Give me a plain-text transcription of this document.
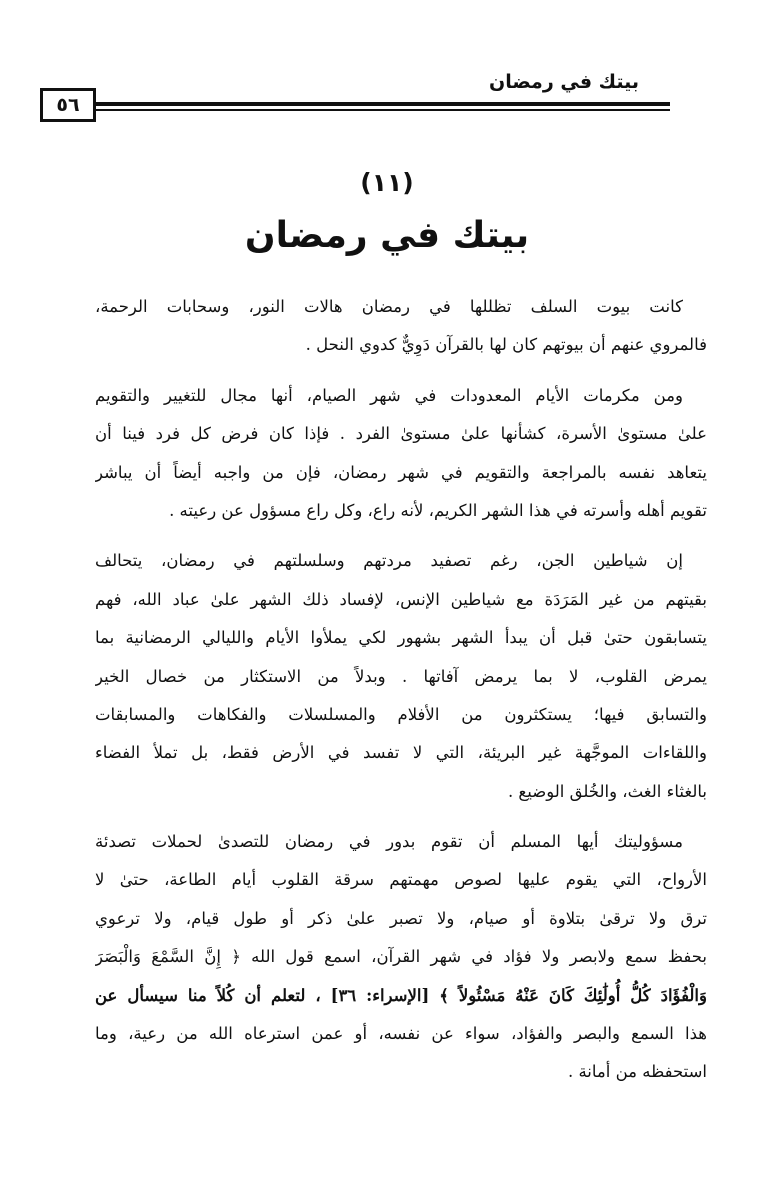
بيتك في رمضان
٥٦
(١١)
بيتك في رمضان
كانت بيوت السلف تظللها في رمضان هالات النور، وسحابات الرحمة،
فالمروي عنهم أن بيوتهم كان لها بالقرآن دَوِيٌّ كدوي النحل .
ومن مكرمات الأيام المعدودات في شهر الصيام، أنها مجال للتغيير والتقويم
علىٰ مستوىٰ الأسرة، كشأنها علىٰ مستوىٰ الفرد . فإذا كان فرض كل فرد فينا أن
يتعاهد نفسه بالمراجعة والتقويم في شهر رمضان، فإن من واجبه أيضاً أن يباشر
تقويم أهله وأسرته في هذا الشهر الكريم، لأنه راع، وكل راع مسؤول عن رعيته .
إن شياطين الجن، رغم تصفيد مردتهم وسلسلتهم في رمضان، يتحالف
بقيتهم من غير المَرَدَة مع شياطين الإنس، لإفساد ذلك الشهر علىٰ عباد الله، فهم
يتسابقون حتىٰ قبل أن يبدأ الشهر بشهور لكي يملأوا الأيام والليالي الرمضانية بما
يمرض القلوب، لا بما يرمض آفاتها . وبدلاً من الاستكثار من خصال الخير
والتسابق فيها؛ يستكثرون من الأفلام والمسلسلات والفكاهات والمسابقات
واللقاءات الموجَّهة غير البريئة، التي لا تفسد في الأرض فقط، بل تملأ الفضاء
بالغثاء الغث، والخُلق الوضيع .
مسؤوليتك أيها المسلم أن تقوم بدور في رمضان للتصدىٰ لحملات تصدئة
الأرواح، التي يقوم عليها لصوص مهمتهم سرقة القلوب أيام الطاعة، حتىٰ لا
ترق ولا ترقىٰ بتلاوة أو صيام، ولا تصبر علىٰ ذكر أو طول قيام، ولا ترعوي
بحفظ سمع ولابصر ولا فؤاد في شهر القرآن، اسمع قول الله ﴿ إِنَّ السَّمْعَ وَالْبَصَرَ
وَالْفُؤَادَ كُلُّ أُولَٰئِكَ كَانَ عَنْهُ مَسْئُولاً ﴾ [الإسراء: ٣٦] ، لتعلم أن كُلاً منا سيسأل عن
هذا السمع والبصر والفؤاد، سواء عن نفسه، أو عمن استرعاه الله من رعية، وما
استحفظه من أمانة .
